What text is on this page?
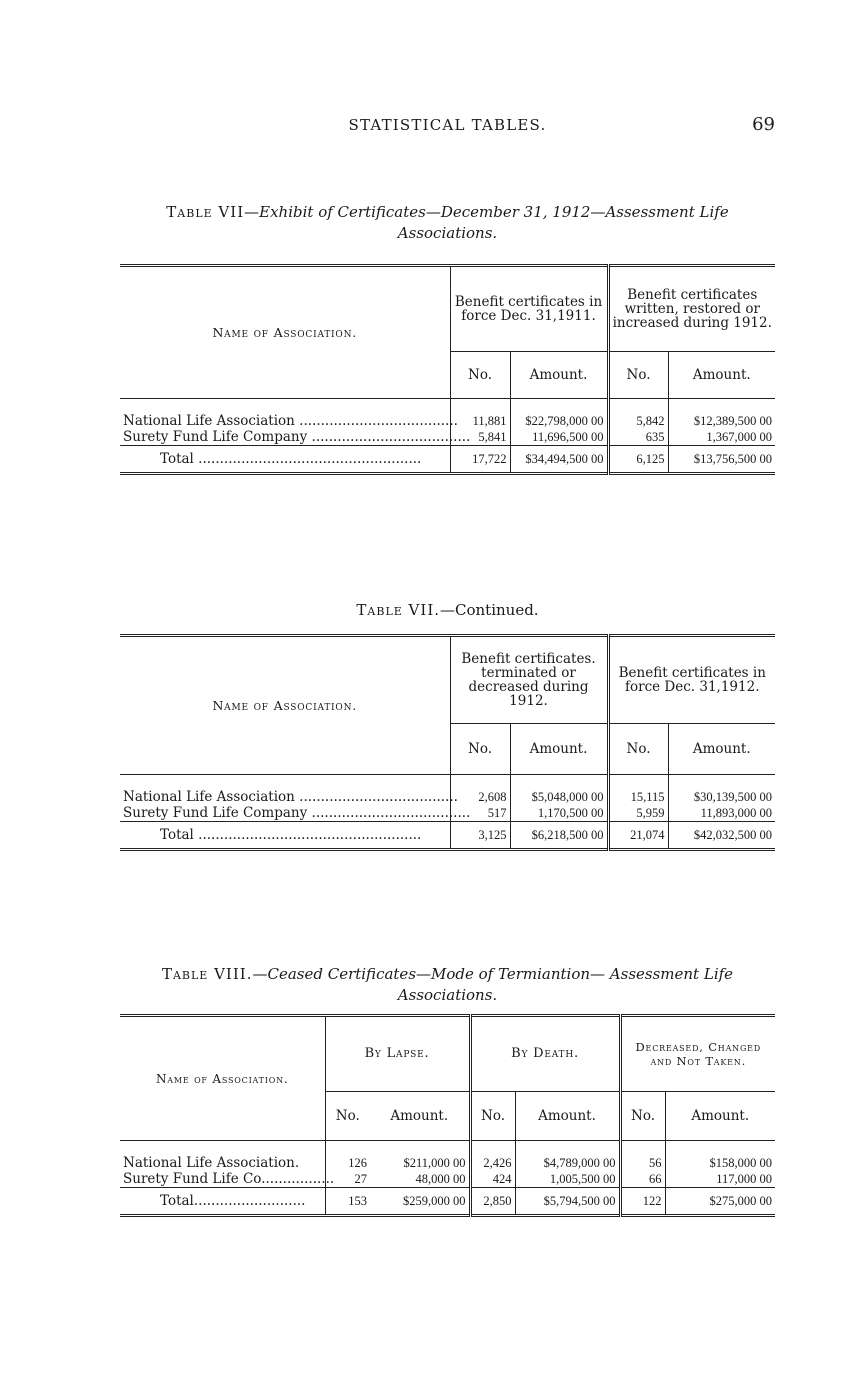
STATISTICAL TABLES.	69
Table VII—Exhibit of Certificates—December 31, 1912—Assessment Life Associations.
Name of Association.	Benefit certificates in force Dec. 31,1911.		Benefit certificates written, restored or increased during 1912.	
	No.	Amount.	No.	Amount.

National Life Association .....................................	11,881	$22,798,000 00	5,842	$12,389,500 00
Surety Fund Life Company .....................................	5,841	11,696,500 00	635	1,367,000 00
Total ....................................................	17,722	$34,494,500 00	6,125	$13,756,500 00
Table VII.—Continued.
Name of Association.	Benefit certificates. terminated or decreased during 1912.		Benefit certificates in force Dec. 31,1912.	
	No.	Amount.	No.	Amount.

National Life Association .....................................	2,608	$5,048,000 00	15,115	$30,139,500 00
Surety Fund Life Company .....................................	517	1,170,500 00	5,959	11,893,000 00
Total ....................................................	3,125	$6,218,500 00	21,074	$42,032,500 00
Table VIII.—Ceased Certificates—Mode of Termiantion— Assessment Life Associations.
Name of Association.	By Lapse.		By Death.		Decreased, Changed and Not Taken.	
	No.	Amount.	No.	Amount.	No.	Amount.

National Life Association.	126	$211,000 00	2,426	$4,789,000 00	56	$158,000 00
Surety Fund Life Co.................	27	48,000 00	424	1,005,500 00	66	117,000 00
Total..........................	153	$259,000 00	2,850	$5,794,500 00	122	$275,000 00
